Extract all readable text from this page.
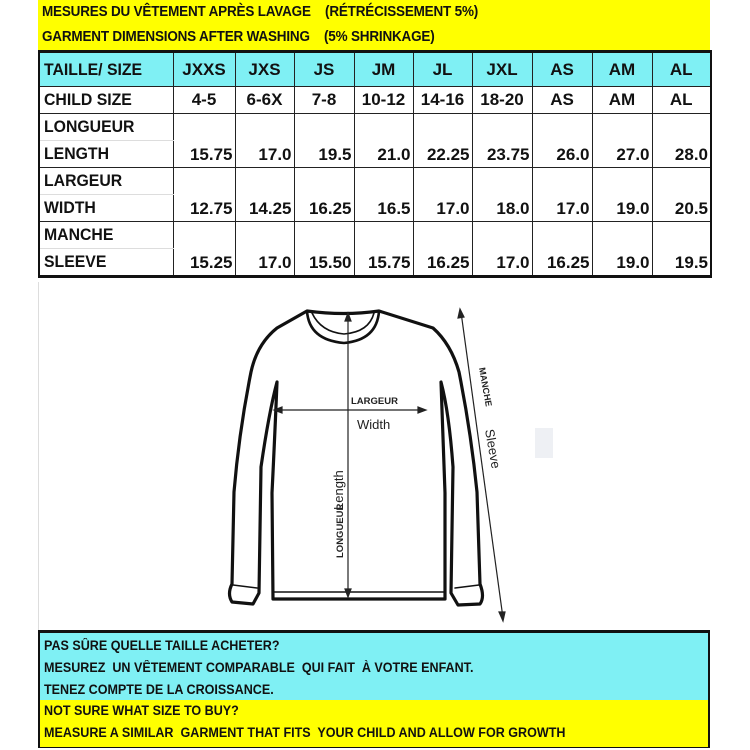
MESURES DU VÊTEMENT APRÈS LAVAGE    (RÉTRÉCISSEMENT 5%)
GARMENT DIMENSIONS AFTER WASHING    (5% SHRINKAGE)
TAILLE/ SIZE	JXXS	JXS	JS	JM	JL	JXL	AS	AM	AL
CHILD SIZE	4-5	6-6X	7-8	10-12	14-16	18-20	AS	AM	AL
LONGUEUR	15.75	17.0	19.5	21.0	22.25	23.75	26.0	27.0	28.0
LENGTH									
LARGEUR	12.75	14.25	16.25	16.5	17.0	18.0	17.0	19.0	20.5
WIDTH									
MANCHE	15.25	17.0	15.50	15.75	16.25	17.0	16.25	19.0	19.5
SLEEVE									
LARGEUR
Width
LONGUEUR
Length
MANCHE
Sleeve
PAS SÛRE QUELLE TAILLE ACHETER?
MESUREZ  UN VÊTEMENT COMPARABLE  QUI FAIT  À VOTRE ENFANT.
TENEZ COMPTE DE LA CROISSANCE.
NOT SURE WHAT SIZE TO BUY?
MEASURE A SIMILAR  GARMENT THAT FITS  YOUR CHILD AND ALLOW FOR GROWTH
